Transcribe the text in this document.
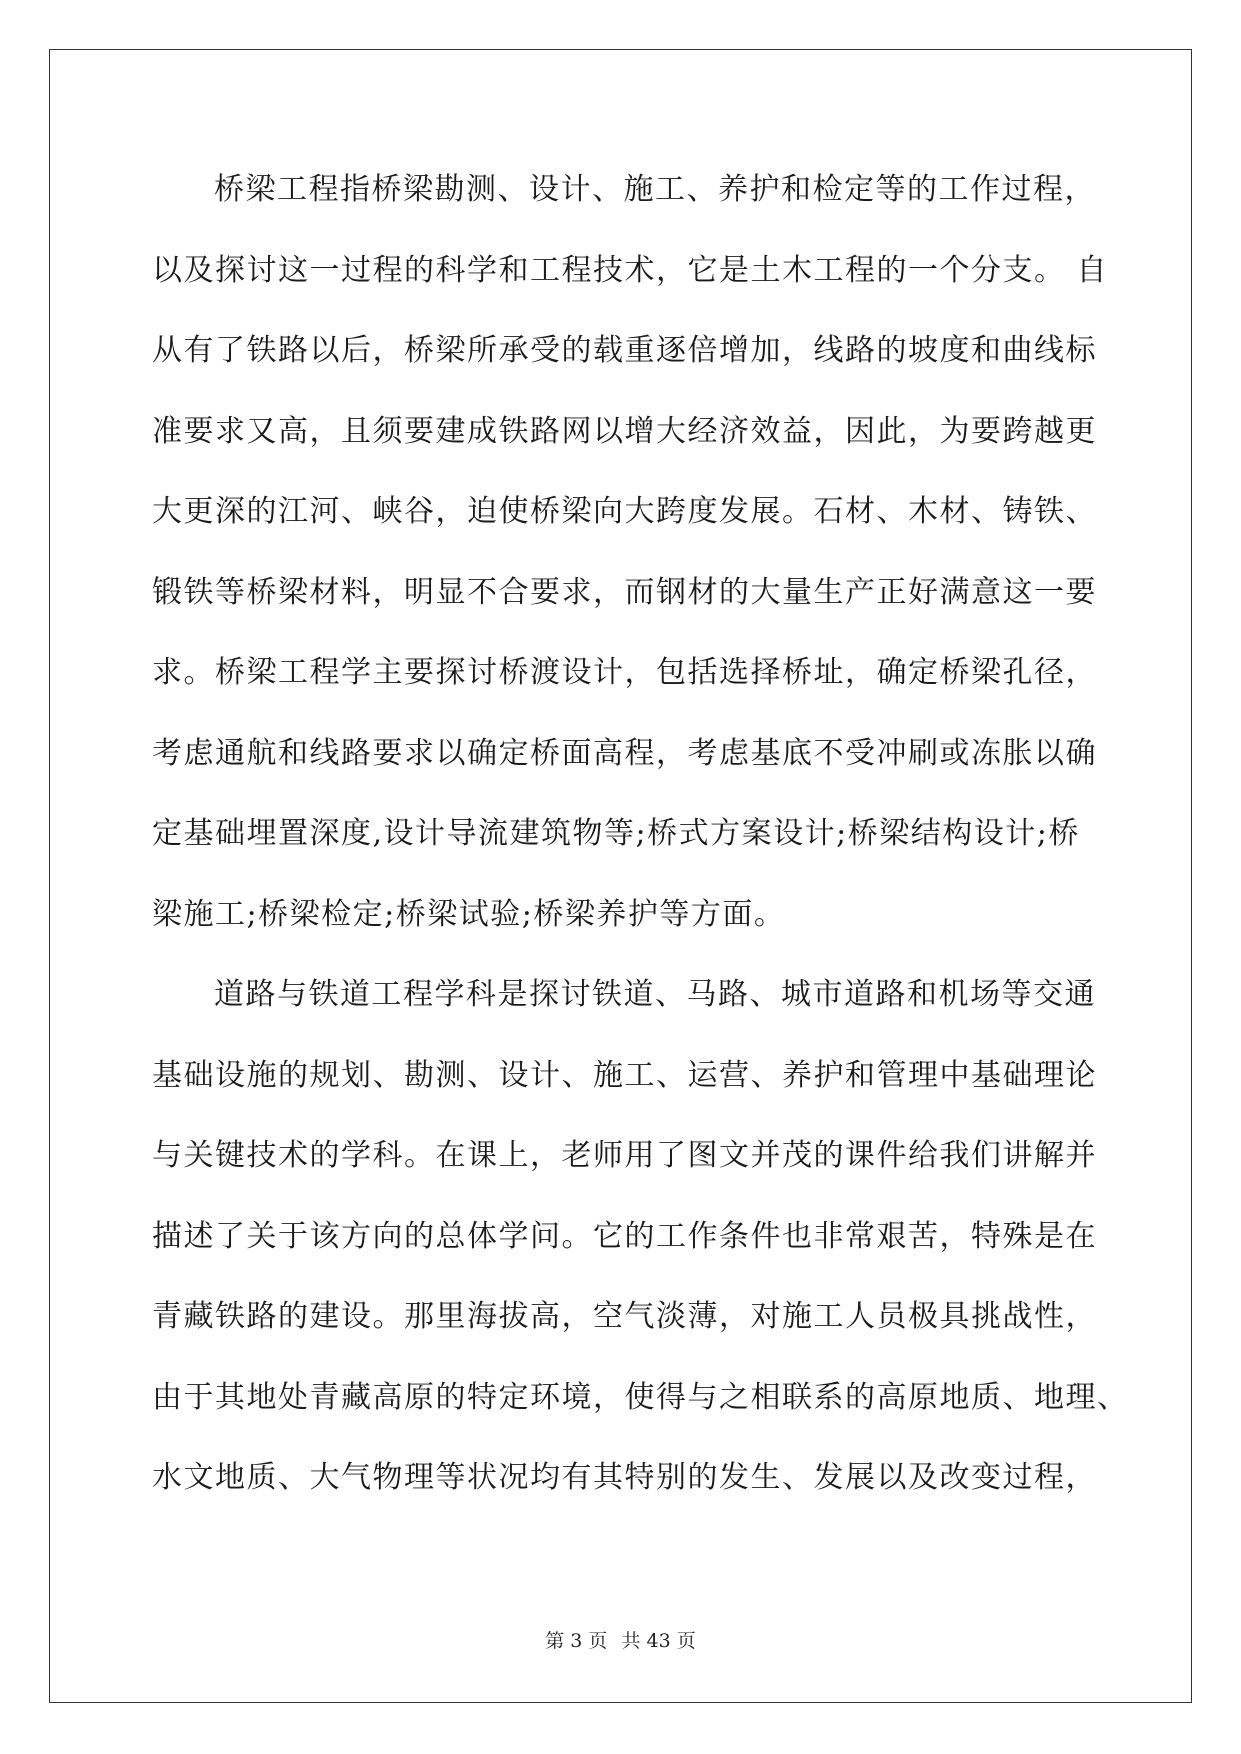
桥梁工程指桥梁勘测、设计、施工、养护和检定等的工作过程，
以及探讨这一过程的科学和工程技术，它是土木工程的一个分支。 自
从有了铁路以后，桥梁所承受的载重逐倍增加，线路的坡度和曲线标
准要求又高，且须要建成铁路网以增大经济效益，因此，为要跨越更
大更深的江河、峡谷，迫使桥梁向大跨度发展。石材、木材、铸铁、
锻铁等桥梁材料，明显不合要求，而钢材的大量生产正好满意这一要
求。桥梁工程学主要探讨桥渡设计，包括选择桥址，确定桥梁孔径，
考虑通航和线路要求以确定桥面高程，考虑基底不受冲刷或冻胀以确
定基础埋置深度,设计导流建筑物等;桥式方案设计;桥梁结构设计;桥
梁施工;桥梁检定;桥梁试验;桥梁养护等方面。
道路与铁道工程学科是探讨铁道、马路、城市道路和机场等交通
基础设施的规划、勘测、设计、施工、运营、养护和管理中基础理论
与关键技术的学科。在课上，老师用了图文并茂的课件给我们讲解并
描述了关于该方向的总体学问。它的工作条件也非常艰苦，特殊是在
青藏铁路的建设。那里海拔高，空气淡薄，对施工人员极具挑战性，
由于其地处青藏高原的特定环境，使得与之相联系的高原地质、地理、
水文地质、大气物理等状况均有其特别的发生、发展以及改变过程，
第 3 页 共 43 页
